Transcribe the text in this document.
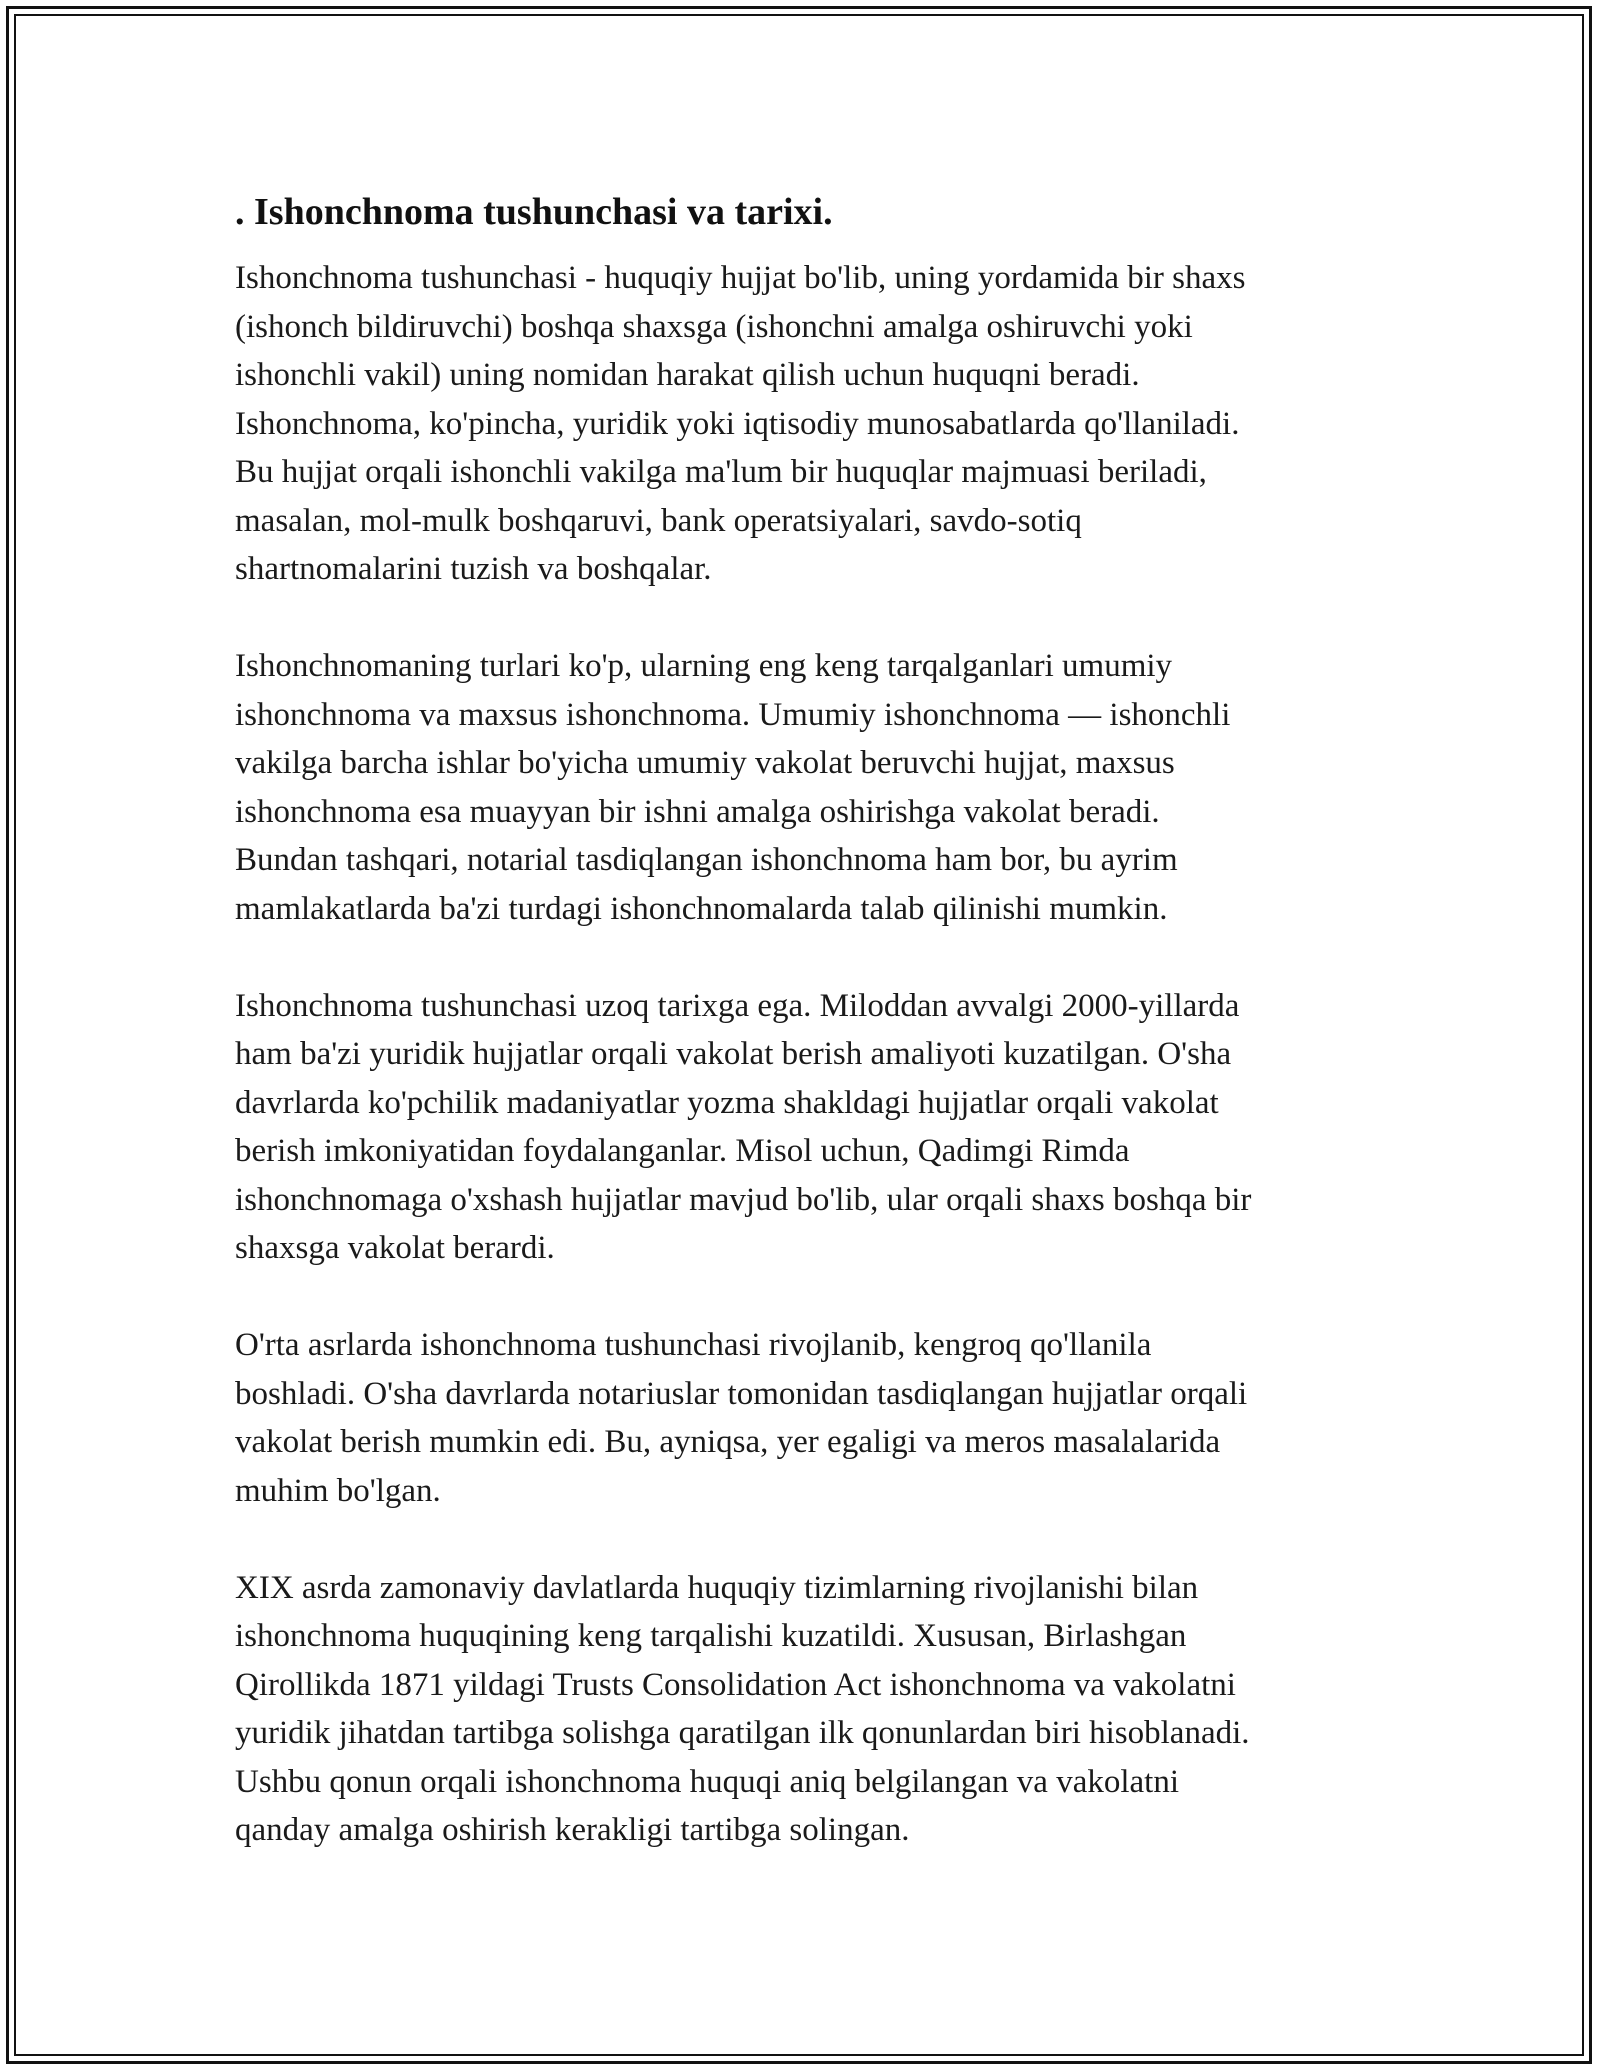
. Ishonchnoma tushunchasi va tarixi.
Ishonchnoma tushunchasi - huquqiy hujjat bo'lib, uning yordamida bir shaxs
(ishonch bildiruvchi) boshqa shaxsga (ishonchni amalga oshiruvchi yoki
ishonchli vakil) uning nomidan harakat qilish uchun huquqni beradi.
Ishonchnoma, ko'pincha, yuridik yoki iqtisodiy munosabatlarda qo'llaniladi.
Bu hujjat orqali ishonchli vakilga ma'lum bir huquqlar majmuasi beriladi,
masalan, mol-mulk boshqaruvi, bank operatsiyalari, savdo-sotiq
shartnomalarini tuzish va boshqalar.
Ishonchnomaning turlari ko'p, ularning eng keng tarqalganlari umumiy
ishonchnoma va maxsus ishonchnoma. Umumiy ishonchnoma — ishonchli
vakilga barcha ishlar bo'yicha umumiy vakolat beruvchi hujjat, maxsus
ishonchnoma esa muayyan bir ishni amalga oshirishga vakolat beradi.
Bundan tashqari, notarial tasdiqlangan ishonchnoma ham bor, bu ayrim
mamlakatlarda ba'zi turdagi ishonchnomalarda talab qilinishi mumkin.
Ishonchnoma tushunchasi uzoq tarixga ega. Miloddan avvalgi 2000-yillarda
ham ba'zi yuridik hujjatlar orqali vakolat berish amaliyoti kuzatilgan. O'sha
davrlarda ko'pchilik madaniyatlar yozma shakldagi hujjatlar orqali vakolat
berish imkoniyatidan foydalanganlar. Misol uchun, Qadimgi Rimda
ishonchnomaga o'xshash hujjatlar mavjud bo'lib, ular orqali shaxs boshqa bir
shaxsga vakolat berardi.
O'rta asrlarda ishonchnoma tushunchasi rivojlanib, kengroq qo'llanila
boshladi. O'sha davrlarda notariuslar tomonidan tasdiqlangan hujjatlar orqali
vakolat berish mumkin edi. Bu, ayniqsa, yer egaligi va meros masalalarida
muhim bo'lgan.
XIX asrda zamonaviy davlatlarda huquqiy tizimlarning rivojlanishi bilan
ishonchnoma huquqining keng tarqalishi kuzatildi. Xususan, Birlashgan
Qirollikda 1871 yildagi Trusts Consolidation Act ishonchnoma va vakolatni
yuridik jihatdan tartibga solishga qaratilgan ilk qonunlardan biri hisoblanadi.
Ushbu qonun orqali ishonchnoma huquqi aniq belgilangan va vakolatni
qanday amalga oshirish kerakligi tartibga solingan.
